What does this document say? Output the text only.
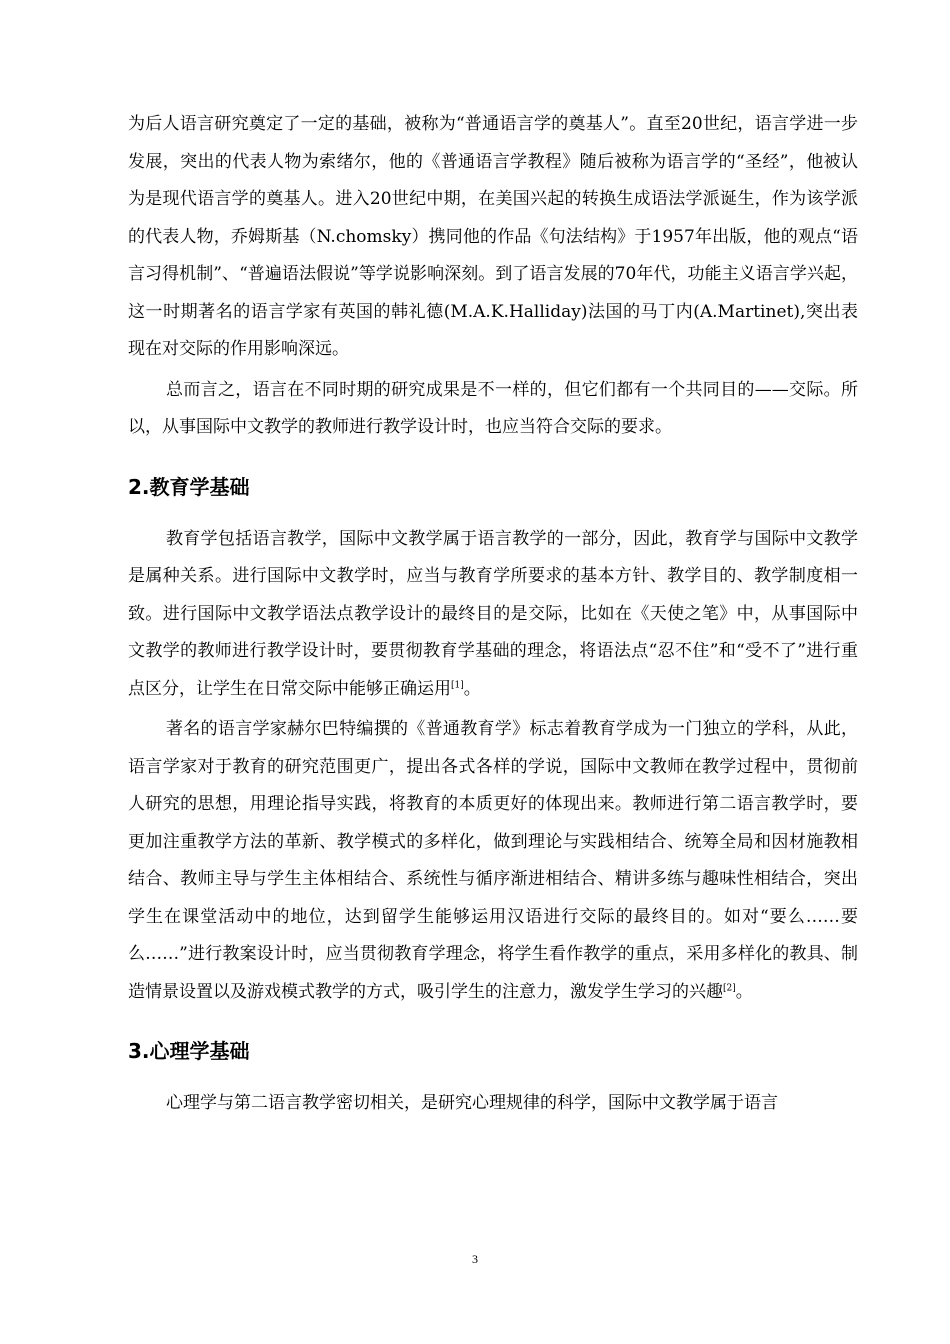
为后人语言研究奠定了一定的基础，被称为“普通语言学的奠基人”。直至20世纪，语言学进一步发展，突出的代表人物为索绪尔，他的《普通语言学教程》随后被称为语言学的“圣经”，他被认为是现代语言学的奠基人。进入20世纪中期，在美国兴起的转换生成语法学派诞生，作为该学派的代表人物，乔姆斯基（N.chomsky）携同他的作品《句法结构》于1957年出版，他的观点“语言习得机制”、“普遍语法假说”等学说影响深刻。到了语言发展的70年代，功能主义语言学兴起，这一时期著名的语言学家有英国的韩礼德(M.A.K.Halliday)法国的马丁内(A.Martinet),突出表现在对交际的作用影响深远。

总而言之，语言在不同时期的研究成果是不一样的，但它们都有一个共同目的——交际。所以，从事国际中文教学的教师进行教学设计时，也应当符合交际的要求。

2.教育学基础

教育学包括语言教学，国际中文教学属于语言教学的一部分，因此，教育学与国际中文教学是属种关系。进行国际中文教学时，应当与教育学所要求的基本方针、教学目的、教学制度相一致。进行国际中文教学语法点教学设计的最终目的是交际，比如在《天使之笔》中，从事国际中文教学的教师进行教学设计时，要贯彻教育学基础的理念，将语法点“忍不住”和“受不了”进行重点区分，让学生在日常交际中能够正确运用[1]。

著名的语言学家赫尔巴特编撰的《普通教育学》标志着教育学成为一门独立的学科，从此，语言学家对于教育的研究范围更广，提出各式各样的学说，国际中文教师在教学过程中，贯彻前人研究的思想，用理论指导实践，将教育的本质更好的体现出来。教师进行第二语言教学时，要更加注重教学方法的革新、教学模式的多样化，做到理论与实践相结合、统筹全局和因材施教相结合、教师主导与学生主体相结合、系统性与循序渐进相结合、精讲多练与趣味性相结合，突出学生在课堂活动中的地位，达到留学生能够运用汉语进行交际的最终目的。如对“要么……要么……”进行教案设计时，应当贯彻教育学理念，将学生看作教学的重点，采用多样化的教具、制造情景设置以及游戏模式教学的方式，吸引学生的注意力，激发学生学习的兴趣[2]。

3.心理学基础

心理学与第二语言教学密切相关，是研究心理规律的科学，国际中文教学属于语言

3
